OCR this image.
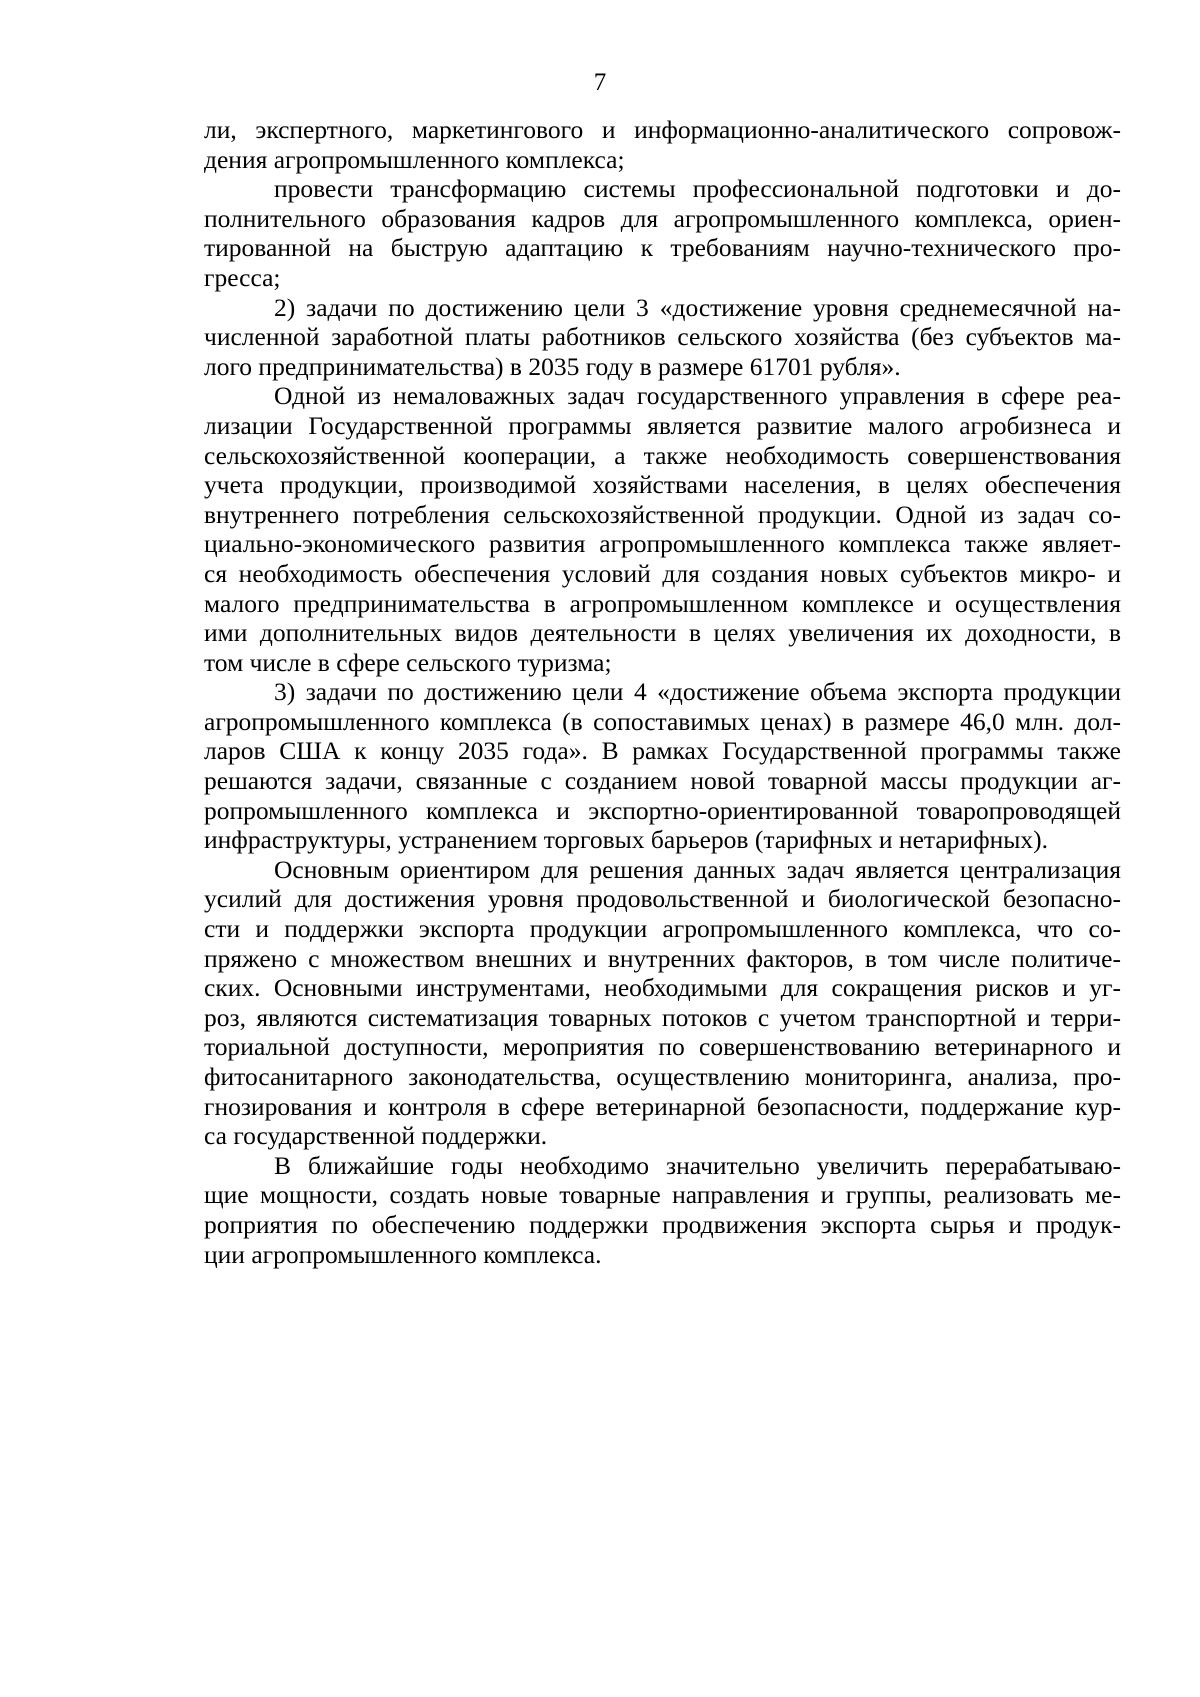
7

ли, экспертного, маркетингового и информационно-аналитического сопровож-
дения агропромышленного комплекса;

провести трансформацию системы профессиональной подготовки и до-
полнительного образования кадров для агропромышленного комплекса, ориен-
тированной на быструю адаптацию к требованиям научно-технического про-
гресса;

2) задачи по достижению цели 3 «достижение уровня среднемесячной на-
численной заработной платы работников сельского хозяйства (без субъектов ма-
лого предпринимательства) в 2035 году в размере 61701 рубля».

Одной из немаловажных задач государственного управления в сфере реа-
лизации Государственной программы является развитие малого агробизнеса и
сельскохозяйственной кооперации, а также необходимость совершенствования
учета продукции, производимой хозяйствами населения, в целях обеспечения
внутреннего потребления сельскохозяйственной продукции. Одной из задач со-
циально-экономического развития агропромышленного комплекса также являет-
ся необходимость обеспечения условий для создания новых субъектов микро- и
малого предпринимательства в агропромышленном комплексе и осуществления
ими дополнительных видов деятельности в целях увеличения их доходности, в
том числе в сфере сельского туризма;

3) задачи по достижению цели 4 «достижение объема экспорта продукции
агропромышленного комплекса (в сопоставимых ценах) в размере 46,0 млн. дол-
ларов США к концу 2035 года». В рамках Государственной программы также
решаются задачи, связанные с созданием новой товарной массы продукции аг-
ропромышленного комплекса и экспортно-ориентированной товаропроводящей
инфраструктуры, устранением торговых барьеров (тарифных и нетарифных).

Основным ориентиром для решения данных задач является централизация
усилий для достижения уровня продовольственной и биологической безопасно-
сти и поддержки экспорта продукции агропромышленного комплекса, что со-
пряжено с множеством внешних и внутренних факторов, в том числе политиче-
ских. Основными инструментами, необходимыми для сокращения рисков и уг-
роз, являются систематизация товарных потоков с учетом транспортной и терри-
ториальной доступности, мероприятия по совершенствованию ветеринарного и
фитосанитарного законодательства, осуществлению мониторинга, анализа, про-
гнозирования и контроля в сфере ветеринарной безопасности, поддержание кур-
са государственной поддержки.

В ближайшие годы необходимо значительно увеличить перерабатываю-
щие мощности, создать новые товарные направления и группы, реализовать ме-
роприятия по обеспечению поддержки продвижения экспорта сырья и продук-
ции агропромышленного комплекса.
